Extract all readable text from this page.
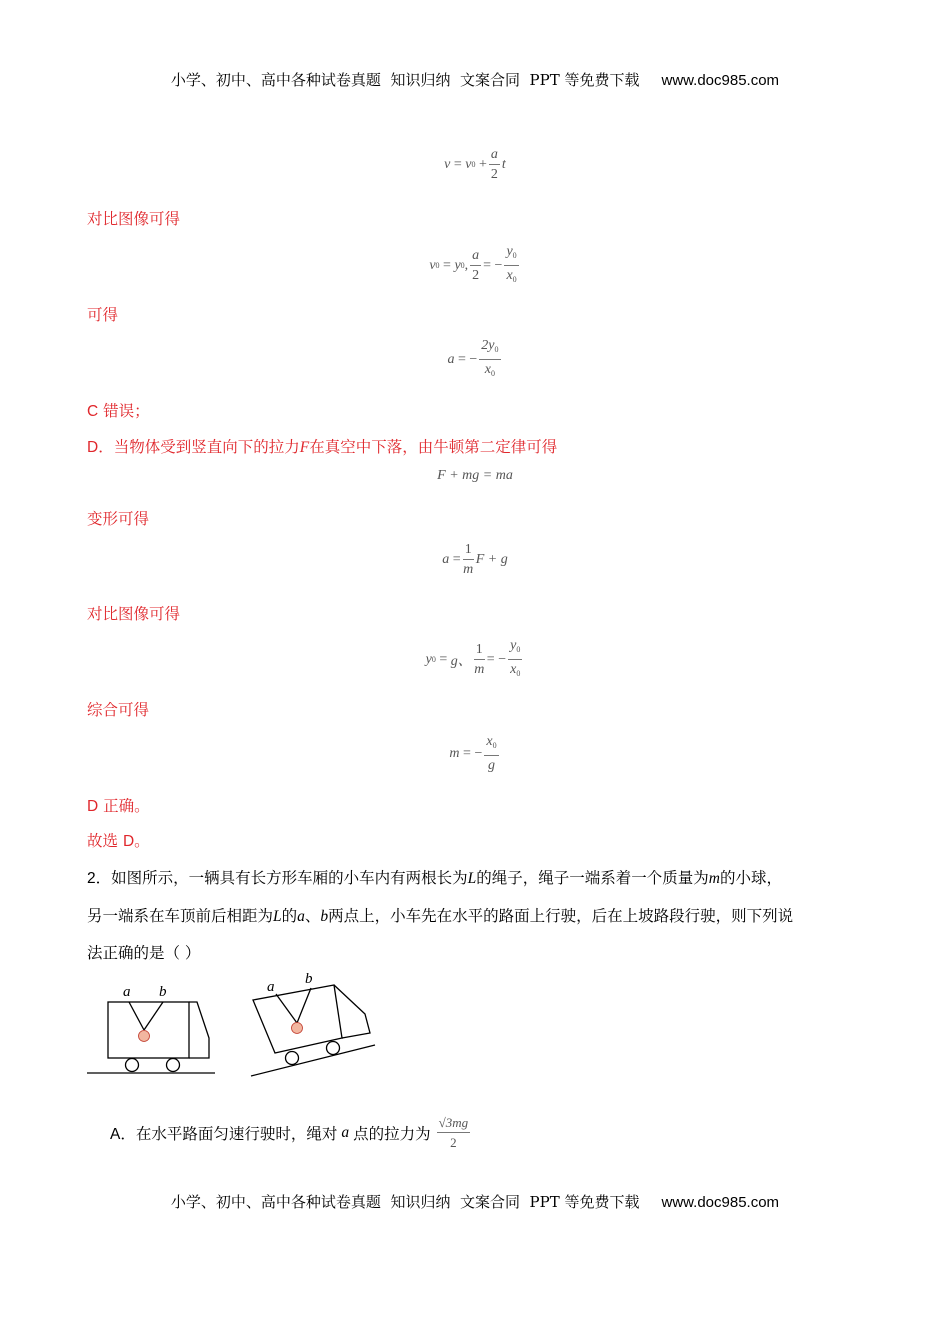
小学、初中、高中各种试卷真题  知识归纳  文案合同  PPT 等免费下载 www.doc985.com
v
=
v 0
+ $\frac{a}{2}$ t
对比图像可得
v 0
=
y 0 , $\frac{a}{2}$ = − $\frac{y_0}{x_0}$
可得
a
= − $\frac{2y_0}{x_0}$
C 错误；
D．当物体受到竖直向下的拉力F在真空中下落，由牛顿第二定律可得
F + mg = ma
变形可得
a
= $\frac{1}{m}$ F + g
对比图像可得
y 0
=
g、 $\frac{1}{m}$ = − $\frac{y_0}{x_0}$
综合可得
m
= − $\frac{x_0}{g}$
D 正确。
故选 D。
2．如图所示，一辆具有长方形车厢的小车内有两根长为L的绳子，绳子一端系着一个质量为m的小球，
另一端系在车顶前后相距为L的a、b两点上，小车先在水平的路面上行驶，后在上坡路段行驶，则下列说
法正确的是（ ）
a b	a b
A． 在水平路面匀速行驶时，绳对 a 点的拉力为 $\frac{√3mg}{2}$
小学、初中、高中各种试卷真题  知识归纳  文案合同  PPT 等免费下载 www.doc985.com
